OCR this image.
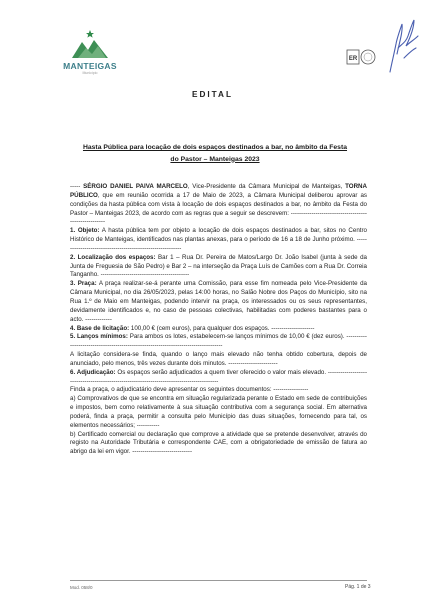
MANTEIGAS
Município
ER
EDITAL
Hasta Pública para locação de dois espaços destinados a bar, no âmbito da Festa do Pastor – Manteigas 2023

----- SÉRGIO DANIEL PAIVA MARCELO, Vice-Presidente da Câmara Municipal de Manteigas, TORNA PÚBLICO, que em reunião ocorrida a 17 de Maio de 2023, a Câmara Municipal deliberou aprovar as condições da hasta pública com vista à locação de dois espaços destinados a bar, no âmbito da Festa do Pastor – Manteigas 2023, de acordo com as regras que a seguir se descrevem: ------------------------------------------------------

1. Objeto: A hasta pública tem por objeto a locação de dois espaços destinados a bar, sitos no Centro Histórico de Manteigas, identificados nas plantas anexas, para o período de 16 a 18 de Junho próximo. -----------------------------------------------------------

2. Localização dos espaços: Bar 1 – Rua Dr. Pereira de Matos/Largo Dr. João Isabel (junta à sede da Junta de Freguesia de São Pedro) e Bar 2 – na interseção da Praça Luís de Camões com a Rua Dr. Correia Tanganho. -------------------------------------------

3. Praça: A praça realizar-se-á perante uma Comissão, para esse fim nomeada pelo Vice-Presidente da Câmara Municipal, no dia 26/05/2023, pelas 14:00 horas, no Salão Nobre dos Paços do Município, sito na Rua 1.º de Maio em Manteigas, podendo intervir na praça, os interessados ou os seus representantes, devidamente identificados e, no caso de pessoas colectivas, habilitadas com poderes bastantes para o acto. -------------

4. Base de licitação: 100,00 € (cem euros), para qualquer dos espaços. ---------------------

5. Lanços mínimos: Para ambos os lotes, estabelecem-se lanços mínimos de 10,00 € (dez euros). ------------------------------------------------------------------------------------

A licitação considera-se finda, quando o lanço mais elevado não tenha obtido cobertura, depois de anunciado, pelo menos, três vezes durante dois minutos. ------------------------

6. Adjudicação: Os espaços serão adjudicados a quem tiver oferecido o valor mais elevado. -------------------------------------------------------------------------------------------

Finda a praça, o adjudicatário deve apresentar os seguintes documentos: -----------------

a) Comprovativos de que se encontra em situação regularizada perante o Estado em sede de contribuições e impostos, bem como relativamente à sua situação contributiva com a segurança social. Em alternativa poderá, finda a praça, permitir a consulta pelo Município das duas situações, fornecendo para tal, os elementos necessários; -----------

b) Certificado comercial ou declaração que comprove a atividade que se pretende desenvolver, através do registo na Autoridade Tributária e correspondente CAE, com a obrigatoriedade de emissão de fatura ao abrigo da lei em vigor. -----------------------------

Mod. 058/0	Pág. 1 de 3
